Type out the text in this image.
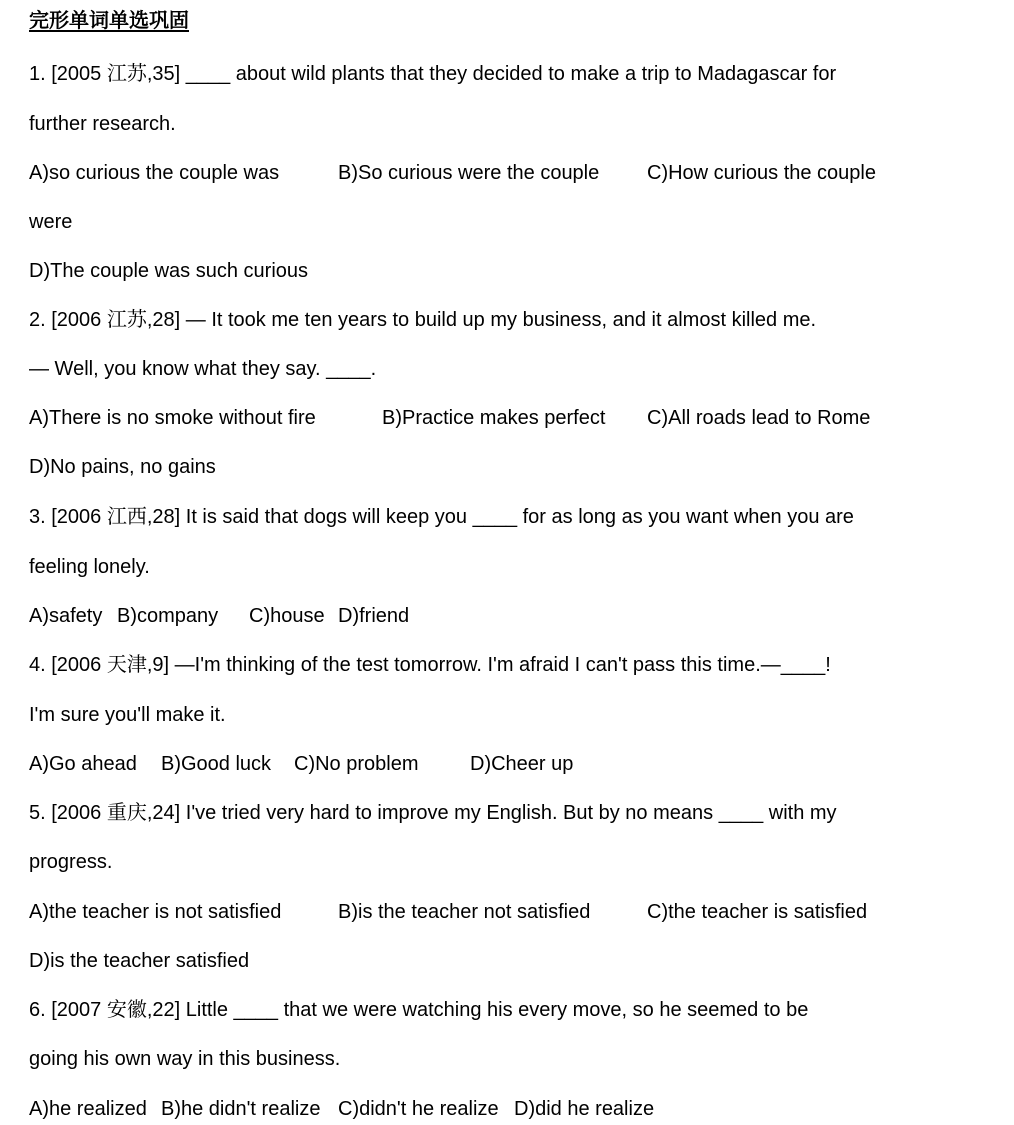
完形单词单选巩固
1. [2005 江苏,35] ____ about wild plants that they decided to make a trip to Madagascar for
further research.
A)so curious the couple was	B)So curious were the couple C)How curious the couple
were
D)The couple was such curious
2. [2006 江苏,28] — It took me ten years to build up my business, and it almost killed me.
— Well, you know what they say. ____.
A)There is no smoke without fire	B)Practice makes perfect C)All roads lead to Rome
D)No pains, no gains
3. [2006 江西,28] It is said that dogs will keep you ____ for as long as you want when you are
feeling lonely.
A)safety B)company C)house D)friend
4. [2006 天津,9] —I'm thinking of the test tomorrow. I'm afraid I can't pass this time.—____!
I'm sure you'll make it.
A)Go ahead B)Good luck C)No problem	D)Cheer up
5. [2006 重庆,24] I've tried very hard to improve my English. But by no means ____ with my
progress.
A)the teacher is not satisfied	B)is the teacher not satisfied	C)the teacher is satisfied
D)is the teacher satisfied
6. [2007 安徽,22] Little ____ that we were watching his every move, so he seemed to be
going his own way in this business.
A)he realized B)he didn't realize C)didn't he realize D)did he realize
